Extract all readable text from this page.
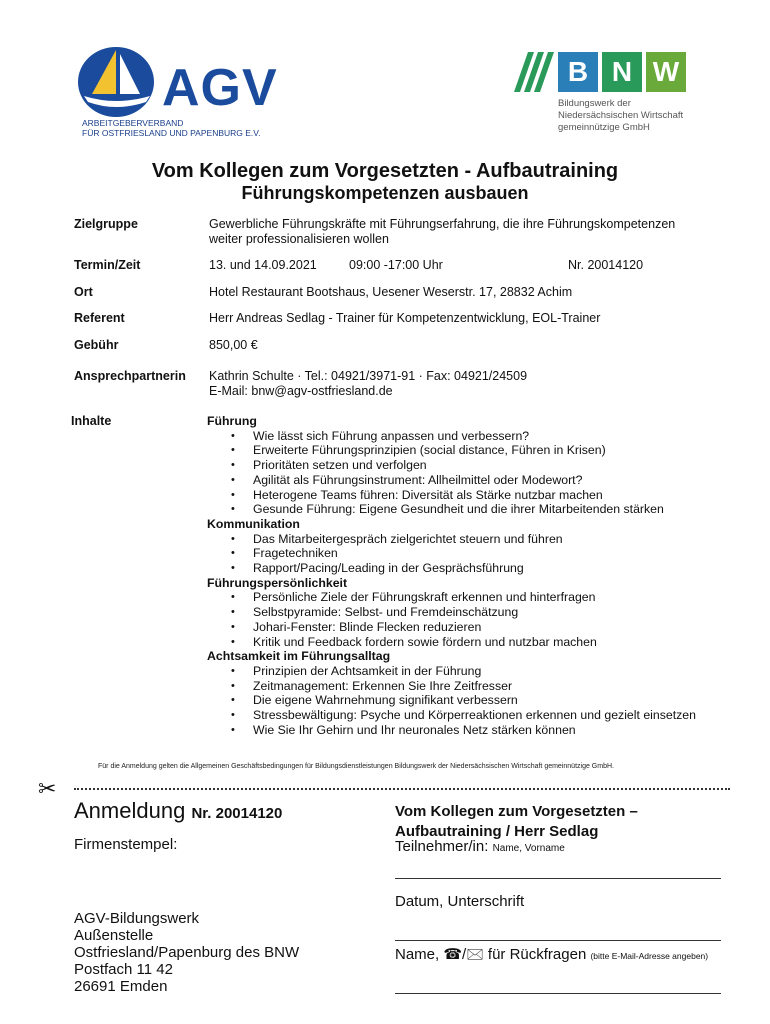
AGV
ARBEITGEBERVERBAND
FÜR OSTFRIESLAND UND PAPENBURG E.V.
B N W
Bildungswerk der
Niedersächsischen Wirtschaft
gemeinnützige GmbH
Vom Kollegen zum Vorgesetzten - Aufbautraining
Führungskompetenzen ausbauen
Zielgruppe	Gewerbliche Führungskräfte mit Führungserfahrung, die ihre Führungskompetenzen
weiter professionalisieren wollen
Termin/Zeit	13. und 14.09.2021	09:00 -17:00 Uhr	Nr. 20014120
Ort	Hotel Restaurant Bootshaus, Uesener Weserstr. 17, 28832 Achim
Referent	Herr Andreas Sedlag - Trainer für Kompetenzentwicklung, EOL-Trainer
Gebühr	850,00 €
Ansprechpartnerin Kathrin Schulte · Tel.: 04921/3971-91 · Fax: 04921/24509
E-Mail: bnw@agv-ostfriesland.de
Inhalte	Führung
• Wie lässt sich Führung anpassen und verbessern?
• Erweiterte Führungsprinzipien (social distance, Führen in Krisen)
• Prioritäten setzen und verfolgen
• Agilität als Führungsinstrument: Allheilmittel oder Modewort?
• Heterogene Teams führen: Diversität als Stärke nutzbar machen
• Gesunde Führung: Eigene Gesundheit und die ihrer Mitarbeitenden stärken
Kommunikation
• Das Mitarbeitergespräch zielgerichtet steuern und führen
• Fragetechniken
• Rapport/Pacing/Leading in der Gesprächsführung
Führungspersönlichkeit
• Persönliche Ziele der Führungskraft erkennen und hinterfragen
• Selbstpyramide: Selbst- und Fremdeinschätzung
• Johari-Fenster: Blinde Flecken reduzieren
• Kritik und Feedback fordern sowie fördern und nutzbar machen
Achtsamkeit im Führungsalltag
• Prinzipien der Achtsamkeit in der Führung
• Zeitmanagement: Erkennen Sie Ihre Zeitfresser
• Die eigene Wahrnehmung signifikant verbessern
• Stressbewältigung: Psyche und Körperreaktionen erkennen und gezielt einsetzen
• Wie Sie Ihr Gehirn und Ihr neuronales Netz stärken können
Für die Anmeldung gelten die Allgemeinen Geschäftsbedingungen für Bildungsdienstleistungen Bildungswerk der Niedersächsischen Wirtschaft gemeinnützige GmbH.
✂
Anmeldung Nr. 20014120
Firmenstempel:
Vom Kollegen zum Vorgesetzten –
Aufbautraining / Herr Sedlag
Teilnehmer/in: Name, Vorname
Datum, Unterschrift
Name, ☎/🖂 für Rückfragen (bitte E-Mail-Adresse angeben)
AGV-Bildungswerk
Außenstelle
Ostfriesland/Papenburg des BNW
Postfach 11 42
26691 Emden
